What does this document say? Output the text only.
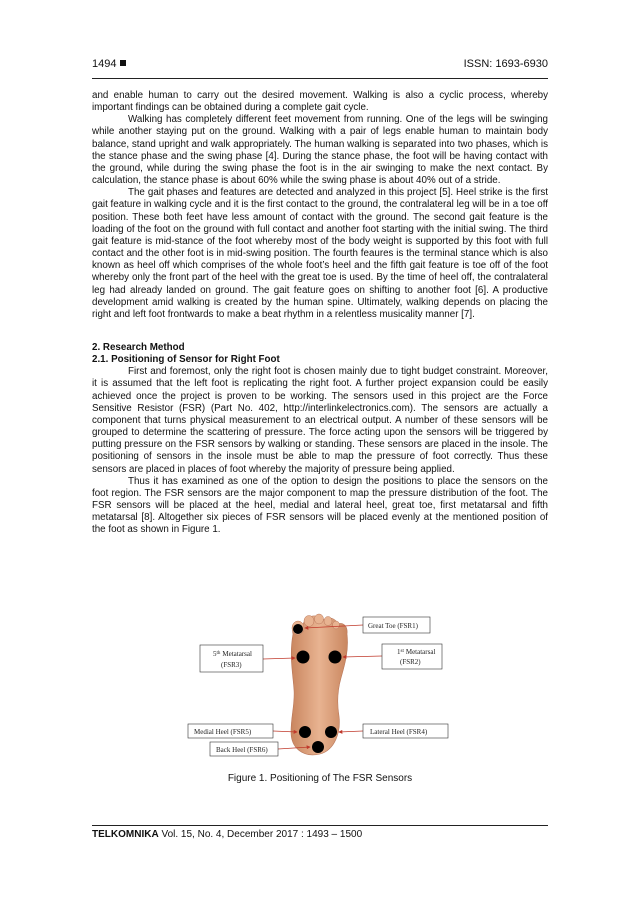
1494	ISSN: 1693-6930

and enable human to carry out the desired movement. Walking is also a cyclic process, whereby important findings can be obtained during a complete gait cycle.

Walking has completely different feet movement from running. One of the legs will be swinging while another staying put on the ground. Walking with a pair of legs enable human to maintain body balance, stand upright and walk appropriately. The human walking is separated into two phases, which is the stance phase and the swing phase [4]. During the stance phase, the foot will be having contact with the ground, while during the swing phase the foot is in the air swinging to make the next contact. By calculation, the stance phase is about 60% while the swing phase is about 40% out of a stride.

The gait phases and features are detected and analyzed in this project [5]. Heel strike is the first gait feature in walking cycle and it is the first contact to the ground, the contralateral leg will be in a toe off position. These both feet have less amount of contact with the ground. The second gait feature is the loading of the foot on the ground with full contact and another foot starting with the initial swing. The third gait feature is mid-stance of the foot whereby most of the body weight is supported by this foot with full contact and the other foot is in mid-swing position. The fourth feaures is the terminal stance which is also known as heel off which comprises of the whole foot’s heel and the fifth gait feature is toe off of the foot whereby only the front part of the heel with the great toe is used. By the time of heel off, the contralateral leg had already landed on ground. The gait feature goes on shifting to another foot [6]. A productive development amid walking is created by the human spine. Ultimately, walking depends on placing the right and left foot frontwards to make a beat rhythm in a relentless musicality manner [7].

2. Research Method

2.1. Positioning of Sensor for Right Foot

First and foremost, only the right foot is chosen mainly due to tight budget constraint. Moreover, it is assumed that the left foot is replicating the right foot. A further project expansion could be easily achieved once the project is proven to be working. The sensors used in this project are the Force Sensitive Resistor (FSR) (Part No. 402, http://interlinkelectronics.com). The sensors are actually a component that turns physical measurement to an electrical output. A number of these sensors will be grouped to determine the scattering of pressure. The force acting upon the sensors will be triggered by putting pressure on the FSR sensors by walking or standing. These sensors are placed in the insole. The positioning of sensors in the insole must be able to map the pressure of foot correctly. Thus these sensors are placed in places of foot whereby the majority of pressure being applied.

Thus it has examined as one of the option to design the positions to place the sensors on the foot region. The FSR sensors are the major component to map the pressure distribution of the foot. The FSR sensors will be placed at the heel, medial and lateral heel, great toe, first metatarsal and fifth metatarsal [8]. Altogether six pieces of FSR sensors will be placed evenly at the mentioned position of the foot as shown in Figure 1.

Great Toe (FSR1)
1st Metatarsal
(FSR2)
5th Metatarsal
(FSR3)
Medial Heel (FSR5)	Lateral Heel (FSR4)
Back Heel (FSR6)
Figure 1. Positioning of The FSR Sensors
TELKOMNIKA Vol. 15, No. 4, December 2017 : 1493 – 1500
